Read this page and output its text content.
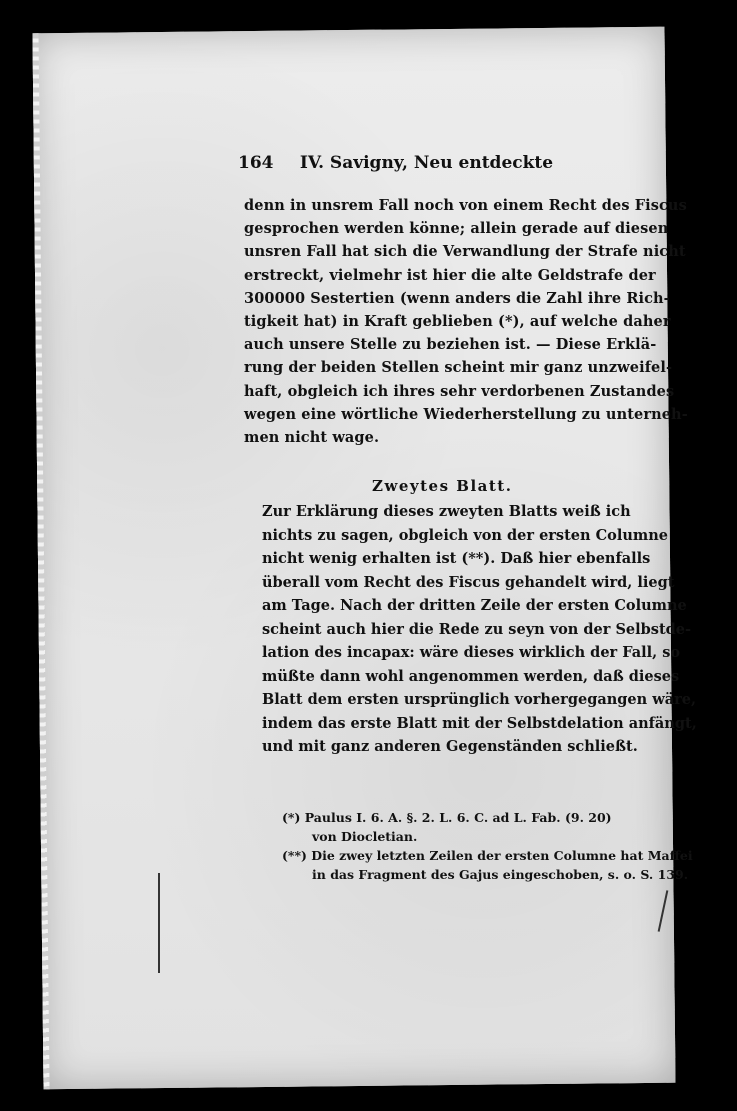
164 IV. Savigny, Neu entdeckte
denn in unsrem Fall noch von einem Recht des Fiscus
gesprochen werden könne; allein gerade auf diesen
unsren Fall hat sich die Verwandlung der Strafe nicht
erstreckt, vielmehr ist hier die alte Geldstrafe der
300000 Sestertien (wenn anders die Zahl ihre Rich-
tigkeit hat) in Kraft geblieben (*), auf welche daher
auch unsere Stelle zu beziehen ist. — Diese Erklä-
rung der beiden Stellen scheint mir ganz unzweifel-
haft, obgleich ich ihres sehr verdorbenen Zustandes
wegen eine wörtliche Wiederherstellung zu unterneh-
men nicht wage.
Zweytes Blatt.
Zur Erklärung dieses zweyten Blatts weiß ich
nichts zu sagen, obgleich von der ersten Columne
nicht wenig erhalten ist (**). Daß hier ebenfalls
überall vom Recht des Fiscus gehandelt wird, liegt
am Tage. Nach der dritten Zeile der ersten Columne
scheint auch hier die Rede zu seyn von der Selbstde-
lation des incapax: wäre dieses wirklich der Fall, so
müßte dann wohl angenommen werden, daß dieses
Blatt dem ersten ursprünglich vorhergegangen wäre,
indem das erste Blatt mit der Selbstdelation anfängt,
und mit ganz anderen Gegenständen schließt.
(*) Paulus I. 6. A. §. 2. L. 6. C. ad L. Fab. (9. 20)
von Diocletian.
(**) Die zwey letzten Zeilen der ersten Columne hat Maffei
in das Fragment des Gajus eingeschoben, s. o. S. 139.
